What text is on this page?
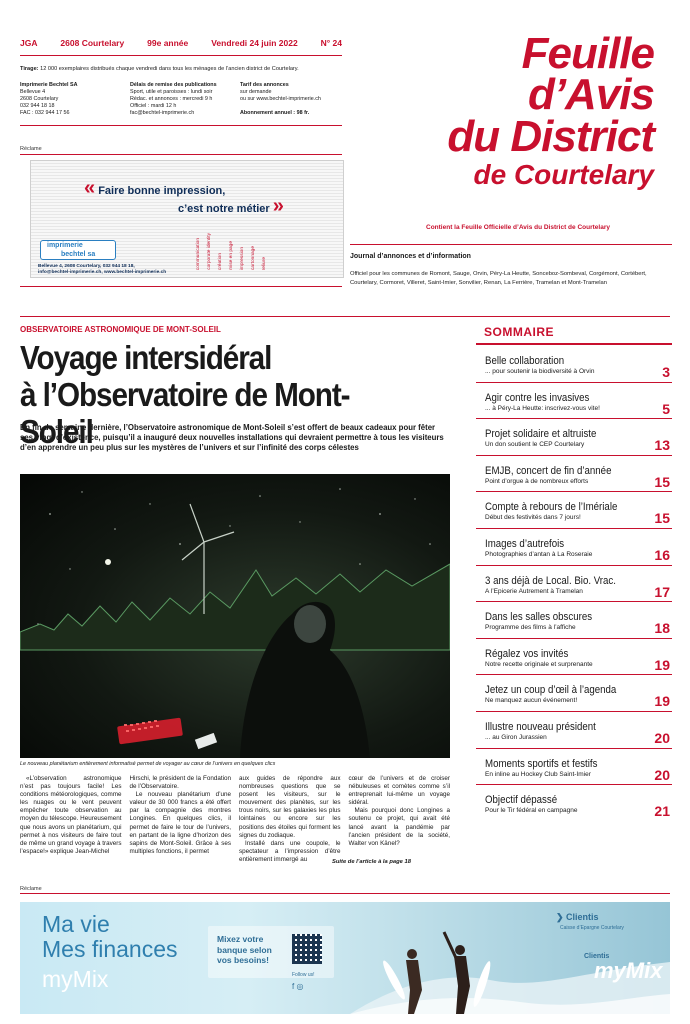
JGA	2608 Courtelary	99e année	Vendredi 24 juin 2022	N° 24
Tirage: 12 000 exemplaires distribués chaque vendredi dans tous les ménages de l’ancien district de Courtelary.
Imprimerie Bechtel SA
Bellevue 4
2608 Courtelary
032 944 18 18
FAC : 032 944 17 56
Délais de remise des publications
Sport, utile et paroisses : lundi soir
Rédac. et annonces : mercredi 9 h
Officiel : mardi 12 h
fac@bechtel-imprimerie.ch
Tarif des annonces
sur demande
ou sur www.bechtel-imprimerie.ch
Abonnement annuel : 98 fr.
Réclame
« Faire bonne impression,
c’est notre métier »
imprimerie
bechtel sa
Bellevue 4, 2608 Courtelary, 032 944 18 18,
info@bechtel-imprimerie.ch, www.bechtel-imprimerie.ch
communication corporate identity création mise en page impression cartonnage reliure
Feuille
d’Avis
du District
de Courtelary
Contient la Feuille Officielle d’Avis du District de Courtelary
Journal d’annonces et d’information
Officiel pour les communes de Romont, Sauge, Orvin, Péry-La Heutte, Sonceboz-Sombeval, Corgémont, Cortébert, Courtelary, Cormoret, Villeret, Saint-Imier, Sonvilier, Renan, La Ferrière, Tramelan et Mont-Tramelan
OBSERVATOIRE ASTRONOMIQUE DE MONT-SOLEIL
Voyage intersidéral
à l’Observatoire de Mont-Soleil
En fin de semaine dernière, l’Observatoire astronomique de Mont-Soleil s’est offert de beaux cadeaux pour fêter ses vingt d’existence, puisqu’il a inauguré deux nouvelles installations qui devraient permettre à tous les visiteurs d’en apprendre un peu plus sur les mystères de l’univers et sur l’infinité des corps célestes
Le nouveau planétarium entièrement informatisé permet de voyager au cœur de l’univers en quelques clics

«L’observation astronomique n’est pas toujours facile! Les conditions météorologiques, comme les nuages ou le vent peuvent empêcher toute observation au moyen du télescope. Heureusement que nous avons un planétarium, qui permet à nos visiteurs de faire tout de même un grand voyage à travers l’espace!» explique Jean-Michel

Hirschi, le président de la Fondation de l’Observatoire.

Le nouveau planétarium d’une valeur de 30 000 francs a été offert par la compagnie des montres Longines. En quelques clics, il permet de faire le tour de l’univers, en partant de la ligne d’horizon des sapins de Mont-Soleil. Grâce à ses multiples fonctions, il permet

aux guides de répondre aux nombreuses questions que se posent les visiteurs, sur le mouvement des planètes, sur les trous noirs, sur les galaxies les plus lointaines ou encore sur les positions des étoiles qui forment les signes du zodiaque.

Installé dans une coupole, le spectateur a l’impression d’être entièrement immergé au

cœur de l’univers et de croiser nébuleuses et comètes comme s’il entreprenait lui-même un voyage sidéral.

Mais pourquoi donc Longines a soutenu ce projet, qui avait été lancé avant la pandémie par l’ancien président de la société, Walter von Känel?

Suite de l’article à la page 18
SOMMAIRE
Belle collaboration
... pour soutenir la biodiversité à Orvin	3
Agir contre les invasives
... à Péry-La Heutte: inscrivez-vous vite!	5
Projet solidaire et altruiste
Un don soutient le CEP Courtelary	13
EMJB, concert de fin d’année
Point d’orgue à de nombreux efforts	15
Compte à rebours de l’Imériale
Début des festivités dans 7 jours!	15
Images d’autrefois
Photographies d’antan à La Roseraie	16
3 ans déjà de Local. Bio. Vrac.
A l’Epicerie Autrement à Tramelan	17
Dans les salles obscures
Programme des films à l’affiche	18
Régalez vos invités
Notre recette originale et surprenante	19
Jetez un coup d’œil à l’agenda
Ne manquez aucun événement!	19
Illustre nouveau président
... au Giron Jurassien	20
Moments sportifs et festifs
En inline au Hockey Club Saint-Imier	20
Objectif dépassé
Pour le Tir fédéral en campagne	21
Réclame
Ma vie
Mes finances
myMix
Mixez votre
banque selon
vos besoins!
Follow us!
f ◎
❯ Clientis
Caisse d’Epargne Courtelary
Clientis
myMix
